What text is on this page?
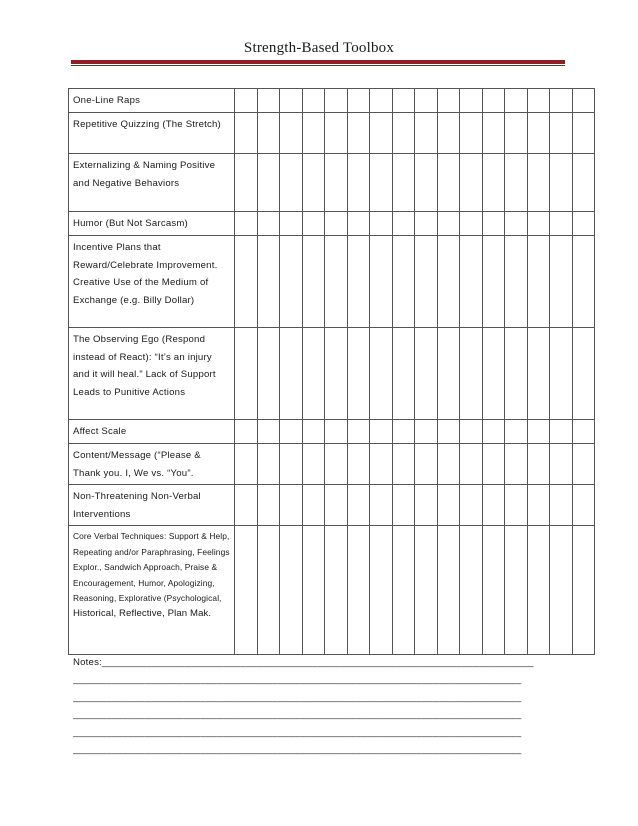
Strength-Based Toolbox
One-Line Raps																
Repetitive Quizzing (The Stretch)																
Externalizing & Naming Positive and Negative Behaviors																
Humor (But Not Sarcasm)																
Incentive Plans that Reward/Celebrate Improvement. Creative Use of the Medium of Exchange (e.g. Billy Dollar)																
The Observing Ego (Respond instead of React): “It’s an injury and it will heal.” Lack of Support Leads to Punitive Actions																
Affect Scale																
Content/Message (“Please & Thank you. I, We vs. “You”.																
Non-Threatening Non-Verbal Interventions																
Core Verbal Techniques: Support & Help, Repeating and/or Paraphrasing, Feelings Explor., Sandwich Approach, Praise & Encouragement, Humor, Apologizing, Reasoning, Explorative (Psychological,
Historical, Reflective, Plan Mak.																

Notes:______________________________________________________________________________
_________________________________________________________________________________
_________________________________________________________________________________
_________________________________________________________________________________
_________________________________________________________________________________
_________________________________________________________________________________
